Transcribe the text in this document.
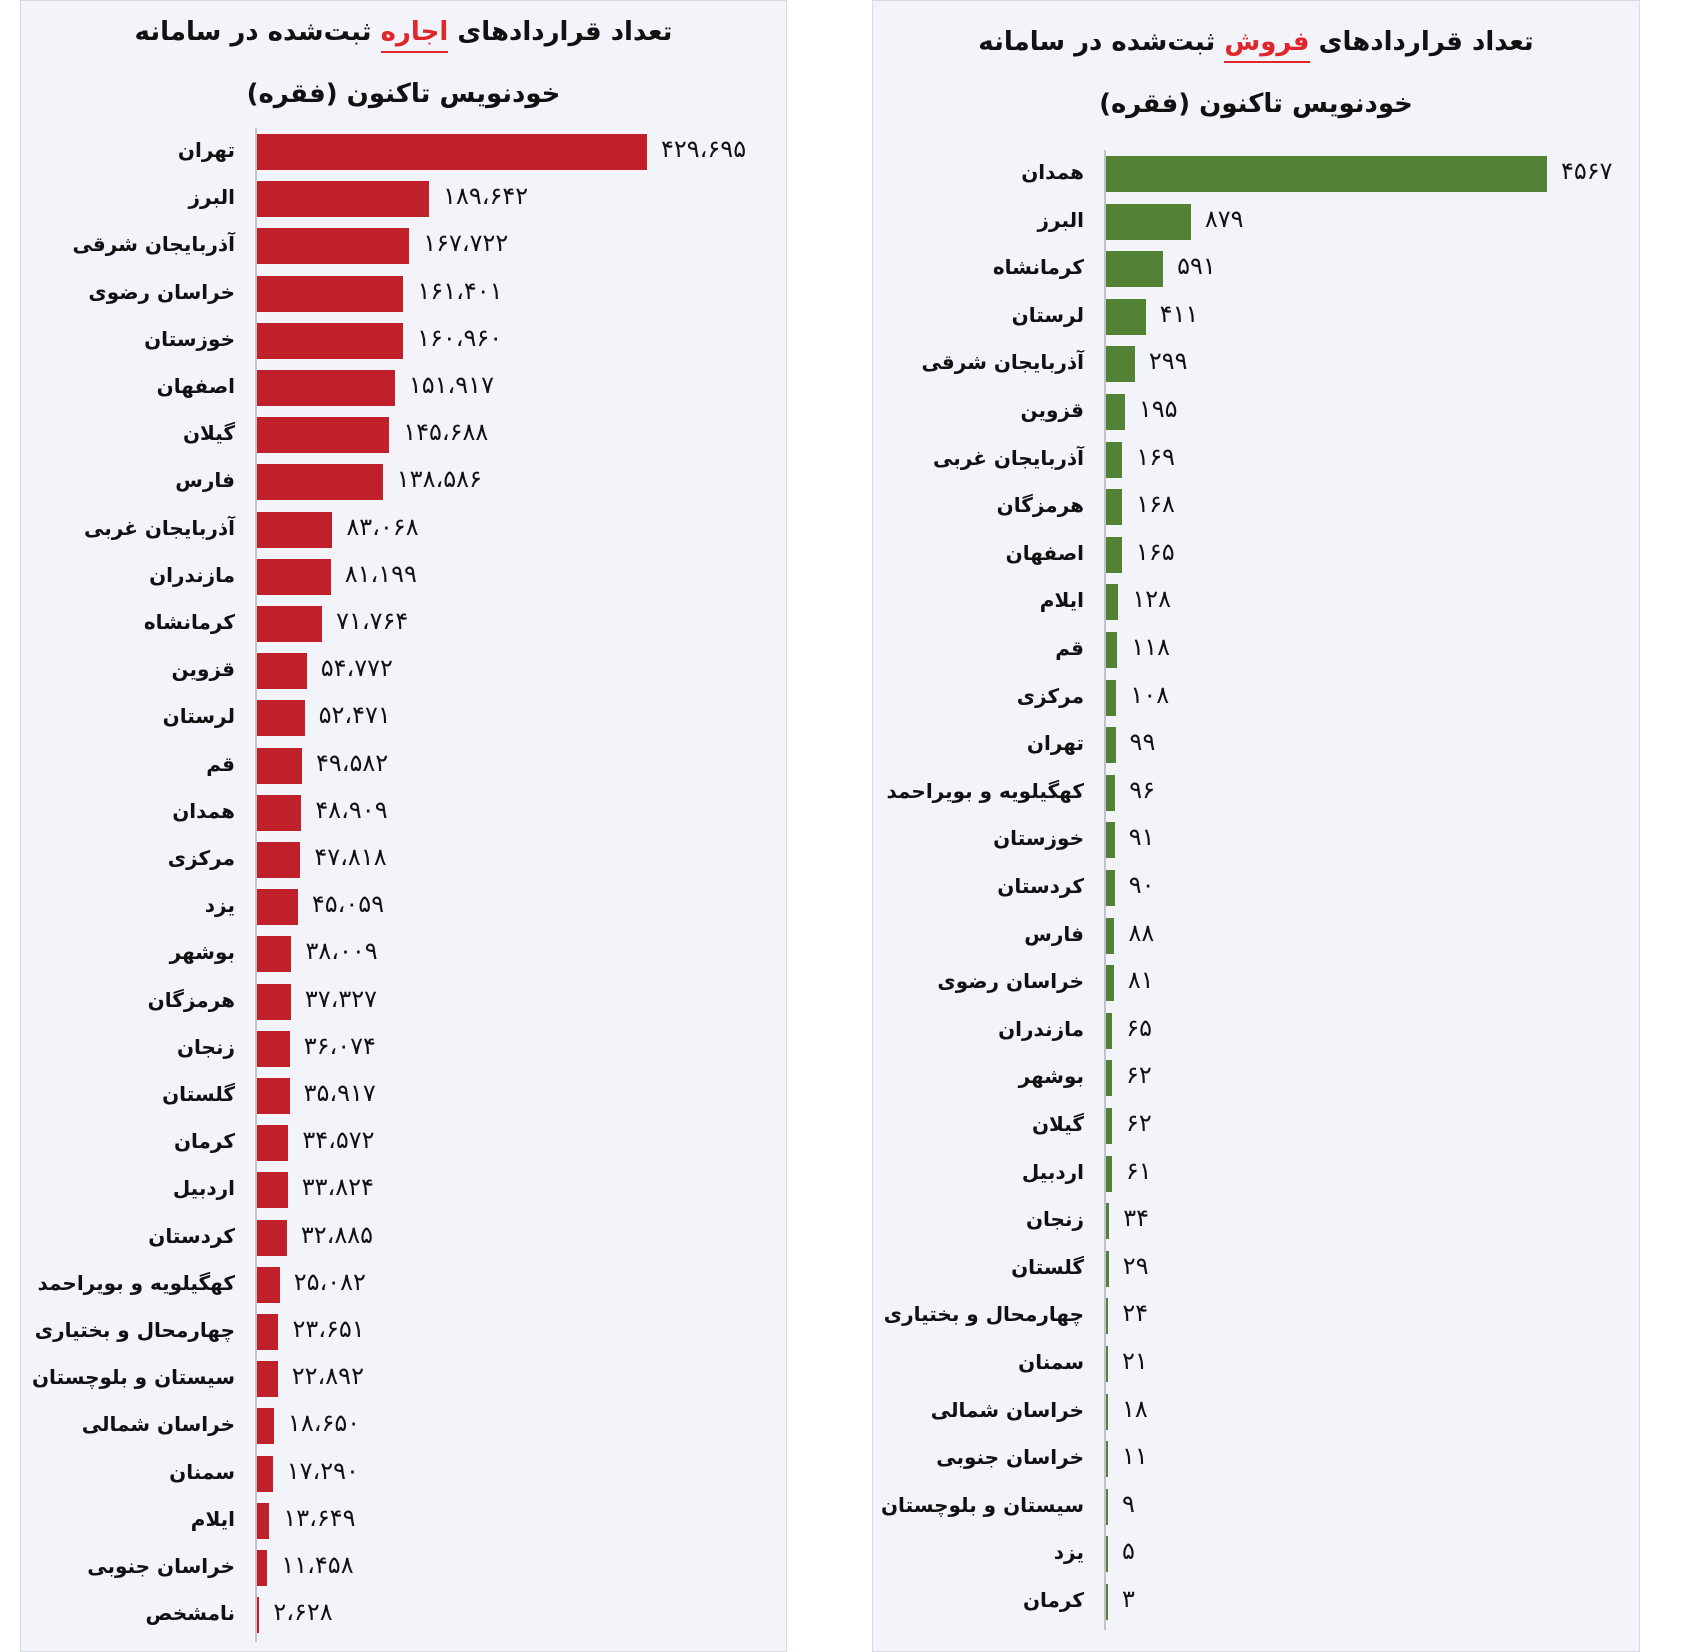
تعداد قراردادهای اجاره ثبت‌شده در سامانه
خودنویس تاکنون (فقره)
تهران	۴۲۹،۶۹۵
البرز	۱۸۹،۶۴۲
آذربایجان شرقی	۱۶۷،۷۲۲
خراسان رضوی	۱۶۱،۴۰۱
خوزستان	۱۶۰،۹۶۰
اصفهان	۱۵۱،۹۱۷
گیلان	۱۴۵،۶۸۸
فارس	۱۳۸،۵۸۶
آذربایجان غربی	۸۳،۰۶۸
مازندران	۸۱،۱۹۹
کرمانشاه	۷۱،۷۶۴
قزوین	۵۴،۷۷۲
لرستان	۵۲،۴۷۱
قم	۴۹،۵۸۲
همدان	۴۸،۹۰۹
مرکزی	۴۷،۸۱۸
یزد	۴۵،۰۵۹
بوشهر	۳۸،۰۰۹
هرمزگان	۳۷،۳۲۷
زنجان	۳۶،۰۷۴
گلستان	۳۵،۹۱۷
کرمان	۳۴،۵۷۲
اردبیل	۳۳،۸۲۴
کردستان	۳۲،۸۸۵
کهگیلویه و بویراحمد ۲۵،۰۸۲
چهارمحال و بختیاری ۲۳،۶۵۱
سیستان و بلوچستان ۲۲،۸۹۲
خراسان شمالی ۱۸،۶۵۰
سمنان ۱۷،۲۹۰
ایلام ۱۳،۶۴۹
خراسان جنوبی ۱۱،۴۵۸
نامشخص ۲،۶۲۸
تعداد قراردادهای فروش ثبت‌شده در سامانه
خودنویس تاکنون (فقره)
همدان	۴۵۶۷
البرز	۸۷۹
کرمانشاه	۵۹۱
لرستان	۴۱۱
آذربایجان شرقی	۲۹۹
قزوین ۱۹۵
آذربایجان غربی ۱۶۹
هرمزگان ۱۶۸
اصفهان ۱۶۵
ایلام ۱۲۸
قم ۱۱۸
مرکزی ۱۰۸
تهران ۹۹
کهگیلویه و بویراحمد ۹۶
خوزستان ۹۱
کردستان ۹۰
فارس ۸۸
خراسان رضوی ۸۱
مازندران ۶۵
بوشهر ۶۲
گیلان ۶۲
اردبیل ۶۱
زنجان ۳۴
گلستان ۲۹
چهارمحال و بختیاری ۲۴
سمنان ۲۱
خراسان شمالی ۱۸
خراسان جنوبی ۱۱
سیستان و بلوچستان ۹
یزد ۵
کرمان ۳
